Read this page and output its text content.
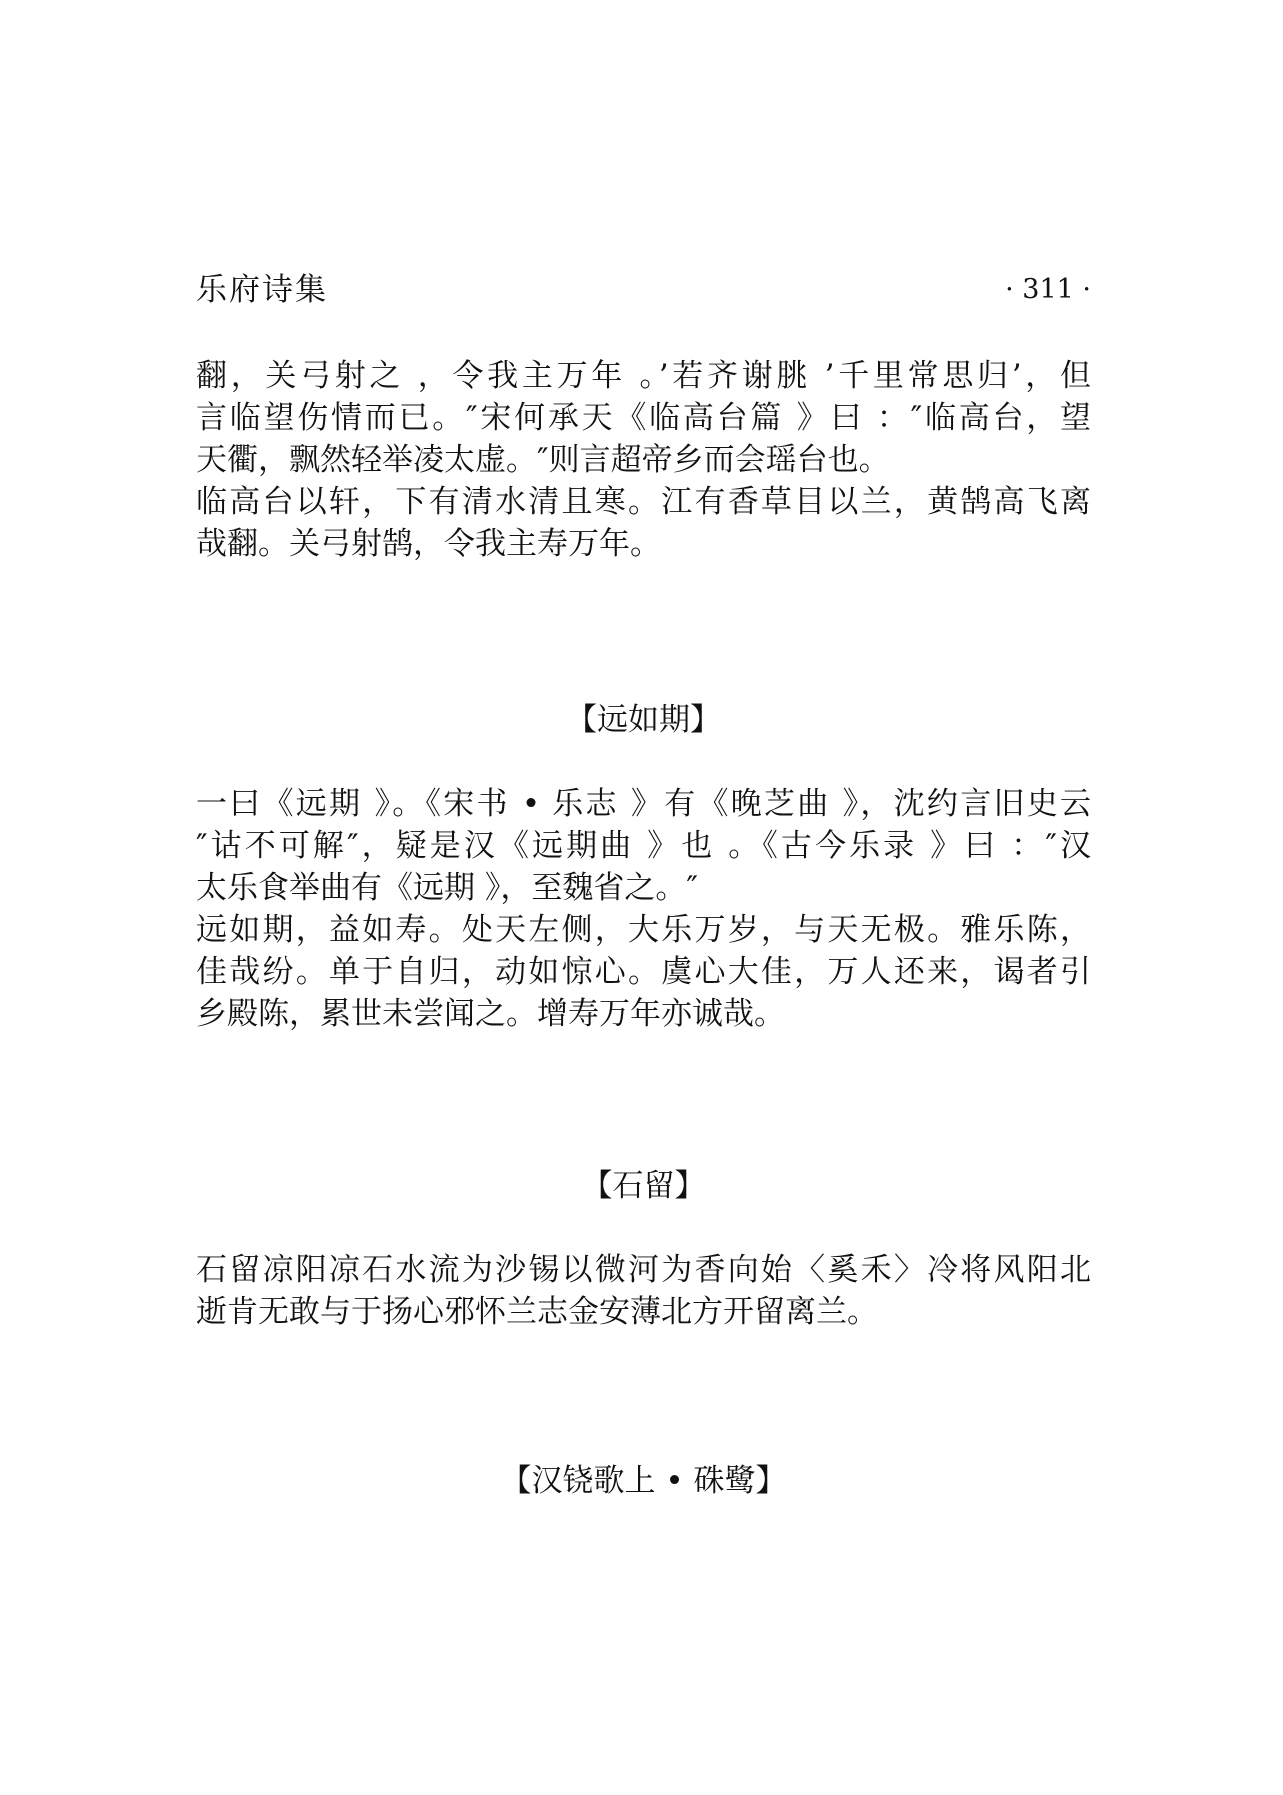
乐府诗集	· 311 ·
翻，关弓射之 ，令我主万年 。’若齐谢朓 ’千里常思归’，但
言临望伤情而已。″宋何承天《临高台篇 》曰 ：″临高台，望
天衢，飘然轻举凌太虚。″则言超帝乡而会瑶台也。
临高台以轩，下有清水清且寒。江有香草目以兰，黄鹄高飞离
哉翻。关弓射鹄，令我主寿万年。
【远如期】
一曰《远期 》。《宋书 • 乐志 》有《晚芝曲 》，沈约言旧史云
″诂不可解″，疑是汉《远期曲 》也 。《古今乐录 》曰 ：″汉
太乐食举曲有《远期 》，至魏省之。″
远如期，益如寿。处天左侧，大乐万岁，与天无极。雅乐陈，
佳哉纷。单于自归，动如惊心。虞心大佳，万人还来，谒者引
乡殿陈，累世未尝闻之。增寿万年亦诚哉。
【石留】
石留凉阳凉石水流为沙锡以微河为香向始〈奚禾〉冷将风阳北
逝肯无敢与于扬心邪怀兰志金安薄北方开留离兰。
【汉铙歌上 • 硃鹭】
